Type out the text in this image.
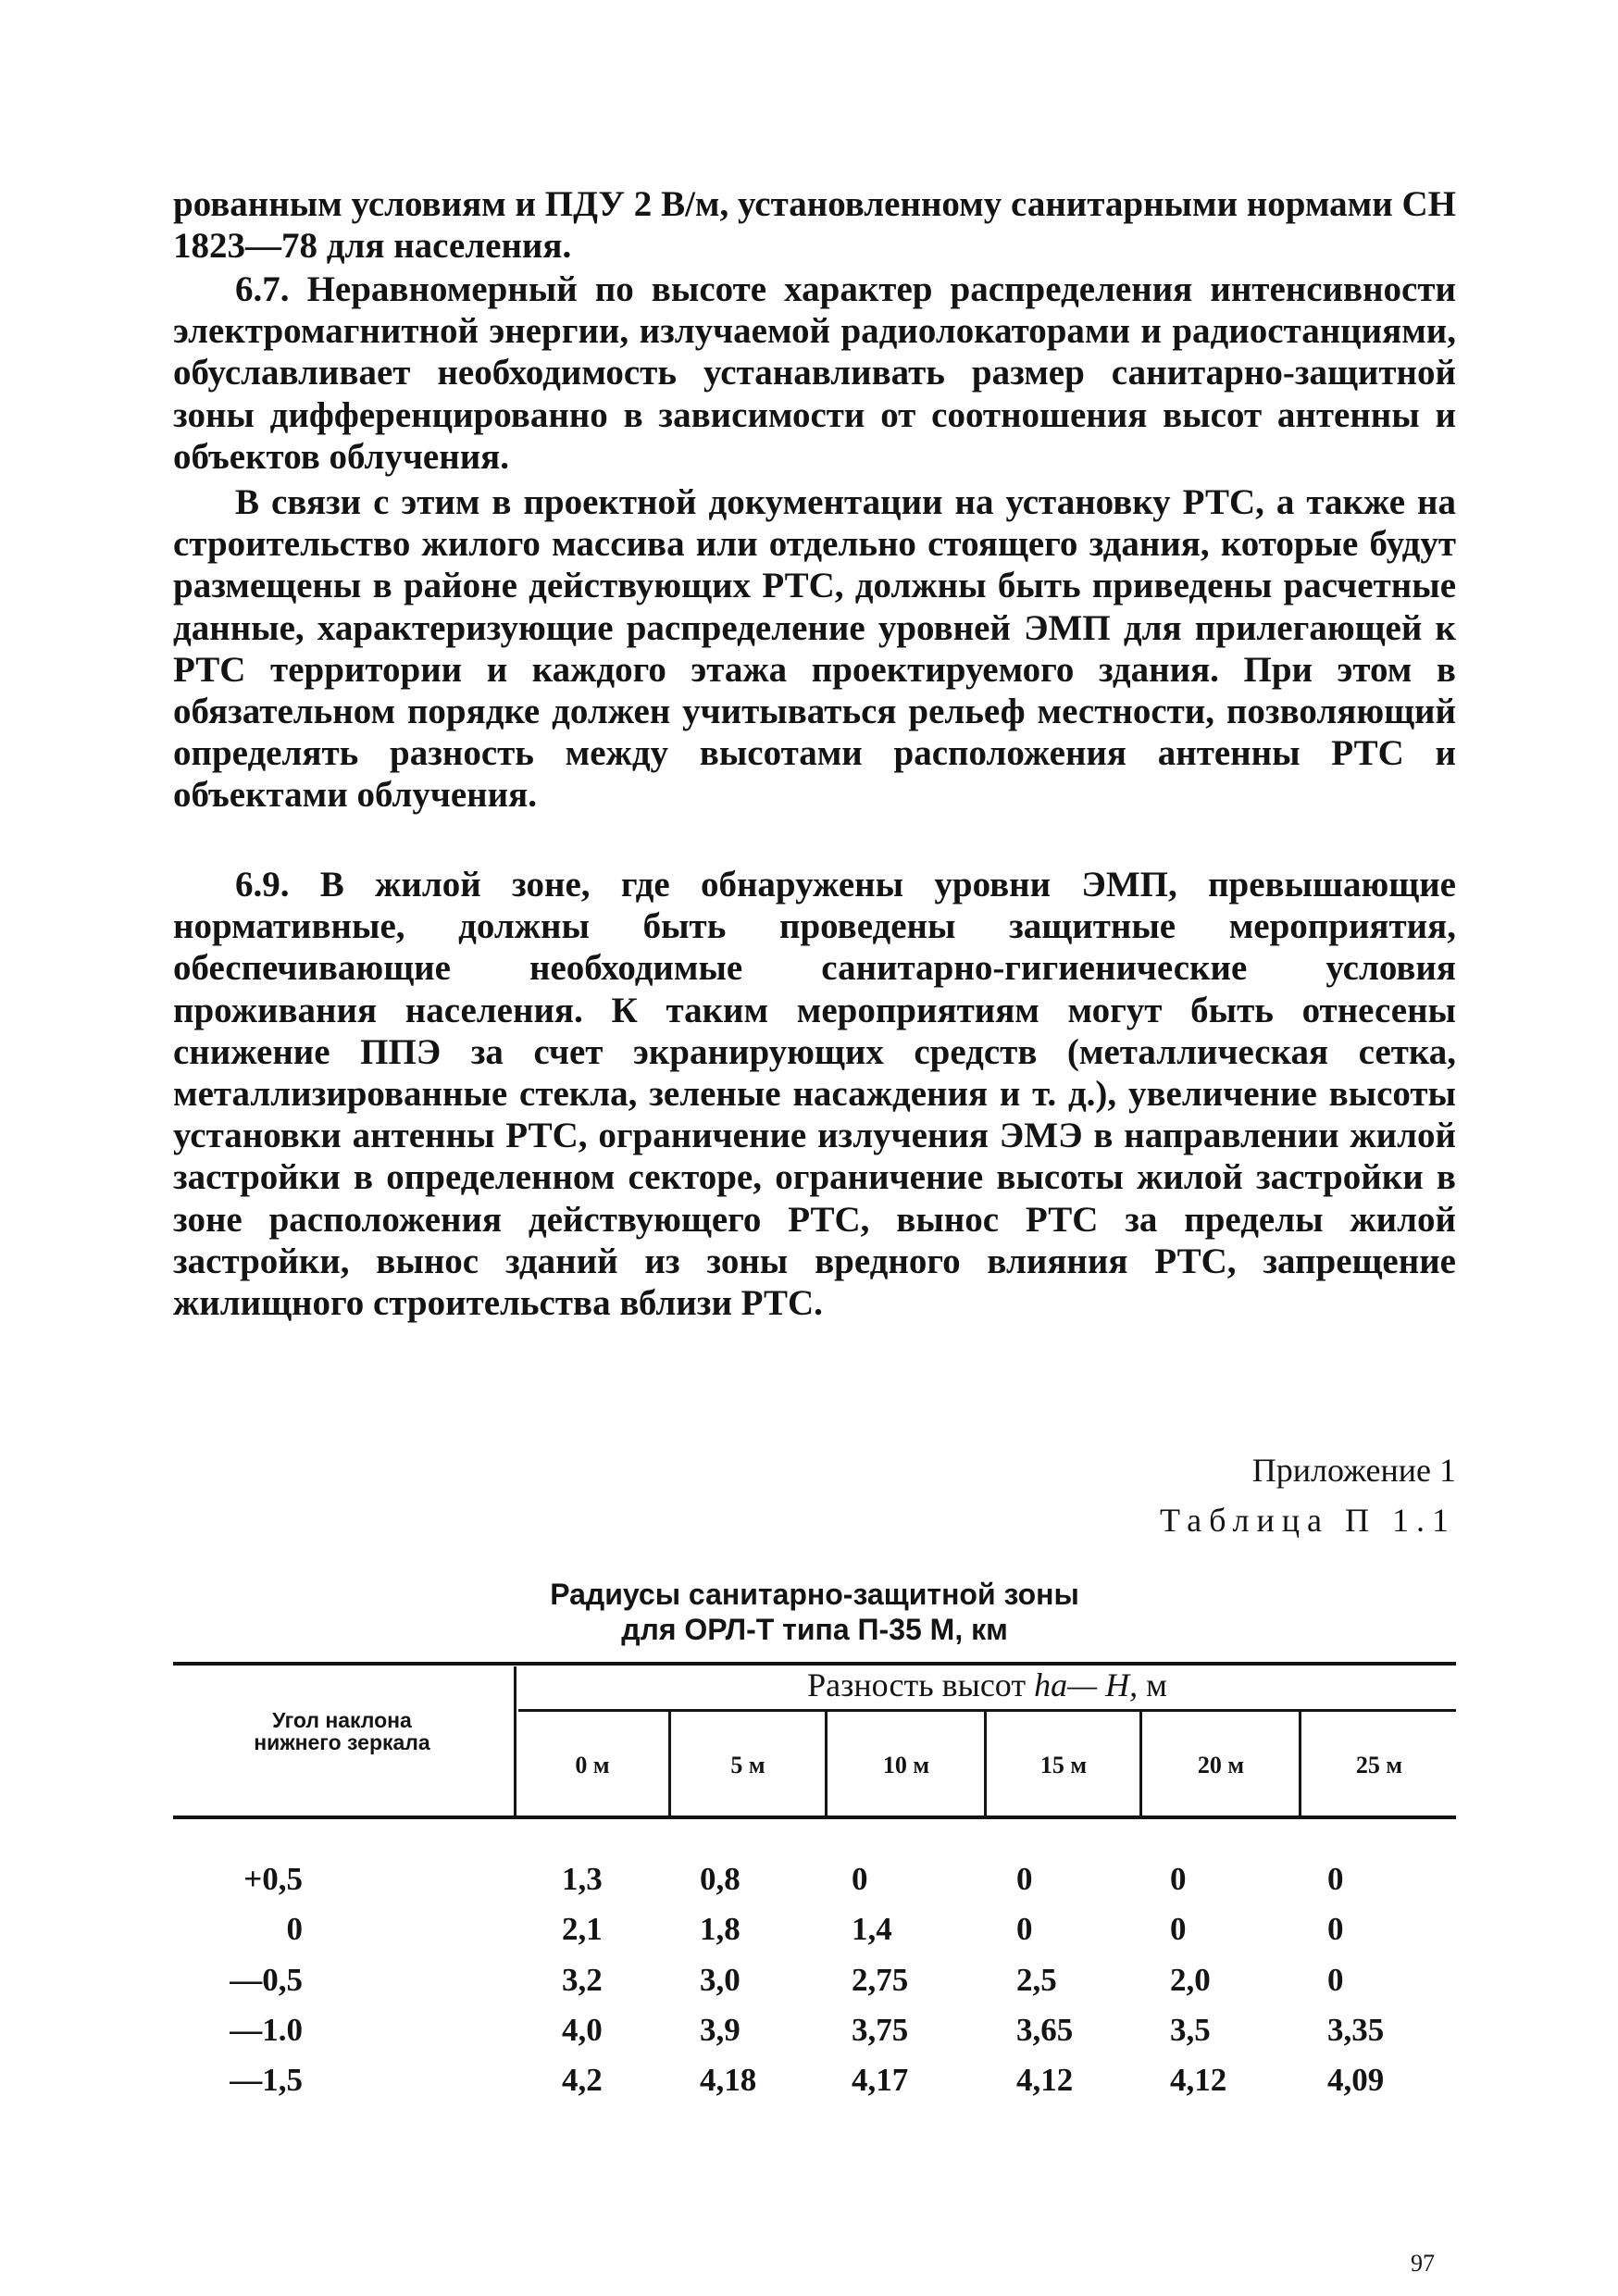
рованным условиям и ПДУ 2 В/м, установленному санитарными нормами СН 1823—78 для населения.

6.7. Неравномерный по высоте характер распределения интенсивности электромагнитной энергии, излучаемой радиолокаторами и радиостанциями, обуславливает необходимость устанавливать размер санитарно-защитной зоны дифференцированно в зависимости от соотношения высот антенны и объектов облучения.

В связи с этим в проектной документации на установку РТС, а также на строительство жилого массива или отдельно стоящего здания, которые будут размещены в районе действующих РТС, должны быть приведены расчетные данные, характеризующие распределение уровней ЭМП для прилегающей к РТС территории и каждого этажа проектируемого здания. При этом в обязательном порядке должен учитываться рельеф местности, позволяющий определять разность между высотами расположения антенны РТС и объектами облучения.

6.9. В жилой зоне, где обнаружены уровни ЭМП, превышающие нормативные, должны быть проведены защитные мероприятия, обеспечивающие необходимые санитарно-гигиенические условия проживания населения. К таким мероприятиям могут быть отнесены снижение ППЭ за счет экранирующих средств (металлическая сетка, металлизированные стекла, зеленые насаждения и т. д.), увеличение высоты установки антенны РТС, ограничение излучения ЭМЭ в направлении жилой застройки в определенном секторе, ограничение высоты жилой застройки в зоне расположения действующего РТС, вынос РТС за пределы жилой застройки, вынос зданий из зоны вредного влияния РТС, запрещение жилищного строительства вблизи РТС.

Приложение 1
Таблица П 1.1
Радиусы санитарно-защитной зоны
для ОРЛ-Т типа П-35 М, км
Разность высот ha— H, м
Угол наклона
нижнего зеркала
0 м	5 м	10 м	15 м	20 м	25 м
+0,5	1,3	0,8	0	0	0	0
0	2,1	1,8	1,4	0	0	0
—0,5	3,2	3,0	2,75	2,5	2,0	0
—1.0	4,0	3,9	3,75	3,65	3,5	3,35
—1,5	4,2	4,18	4,17	4,12	4,12	4,09
97
